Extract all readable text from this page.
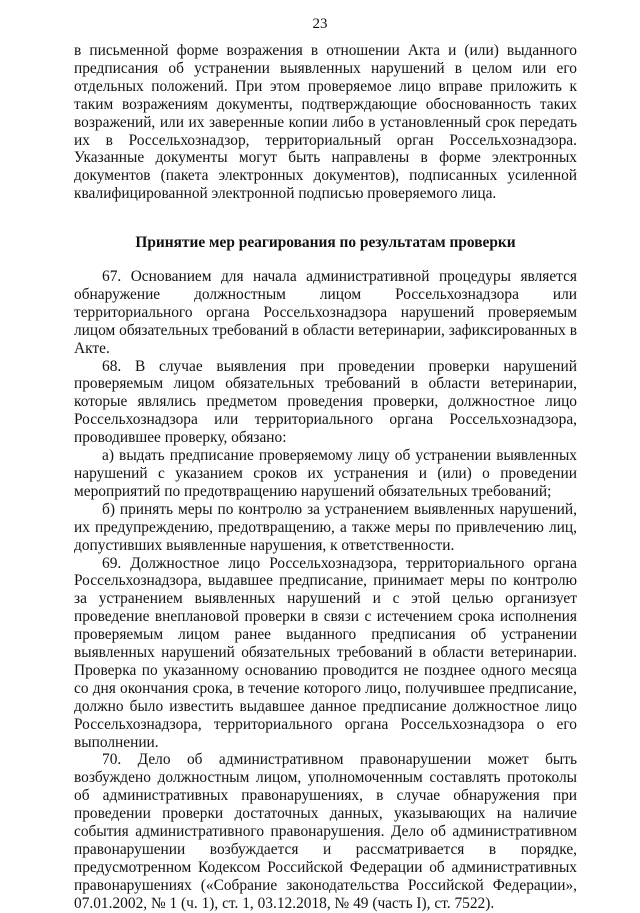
23

в письменной форме возражения в отношении Акта и (или) выданного предписания об устранении выявленных нарушений в целом или его отдельных положений. При этом проверяемое лицо вправе приложить к таким возражениям документы, подтверждающие обоснованность таких возражений, или их заверенные копии либо в установленный срок передать их в Россельхознадзор, территориальный орган Россельхознадзора. Указанные документы могут быть направлены в форме электронных документов (пакета электронных документов), подписанных усиленной квалифицированной электронной подписью проверяемого лица.

Принятие мер реагирования по результатам проверки

67. Основанием для начала административной процедуры является обнаружение должностным лицом Россельхознадзора или территориального органа Россельхознадзора нарушений проверяемым лицом обязательных требований в области ветеринарии, зафиксированных в Акте.

68. В случае выявления при проведении проверки нарушений проверяемым лицом обязательных требований в области ветеринарии, которые являлись предметом проведения проверки, должностное лицо Россельхознадзора или территориального органа Россельхознадзора, проводившее проверку, обязано:

а) выдать предписание проверяемому лицу об устранении выявленных нарушений с указанием сроков их устранения и (или) о проведении мероприятий по предотвращению нарушений обязательных требований;

б) принять меры по контролю за устранением выявленных нарушений, их предупреждению, предотвращению, а также меры по привлечению лиц, допустивших выявленные нарушения, к ответственности.

69. Должностное лицо Россельхознадзора, территориального органа Россельхознадзора, выдавшее предписание, принимает меры по контролю за устранением выявленных нарушений и с этой целью организует проведение внеплановой проверки в связи с истечением срока исполнения проверяемым лицом ранее выданного предписания об устранении выявленных нарушений обязательных требований в области ветеринарии. Проверка по указанному основанию проводится не позднее одного месяца со дня окончания срока, в течение которого лицо, получившее предписание, должно было известить выдавшее данное предписание должностное лицо Россельхознадзора, территориального органа Россельхознадзора о его выполнении.

70. Дело об административном правонарушении может быть возбуждено должностным лицом, уполномоченным составлять протоколы об административных правонарушениях, в случае обнаружения при проведении проверки достаточных данных, указывающих на наличие события административного правонарушения. Дело об административном правонарушении возбуждается и рассматривается в порядке, предусмотренном Кодексом Российской Федерации об административных правонарушениях («Собрание законодательства Российской Федерации», 07.01.2002, № 1 (ч. 1), ст. 1, 03.12.2018, № 49 (часть I), ст. 7522).
